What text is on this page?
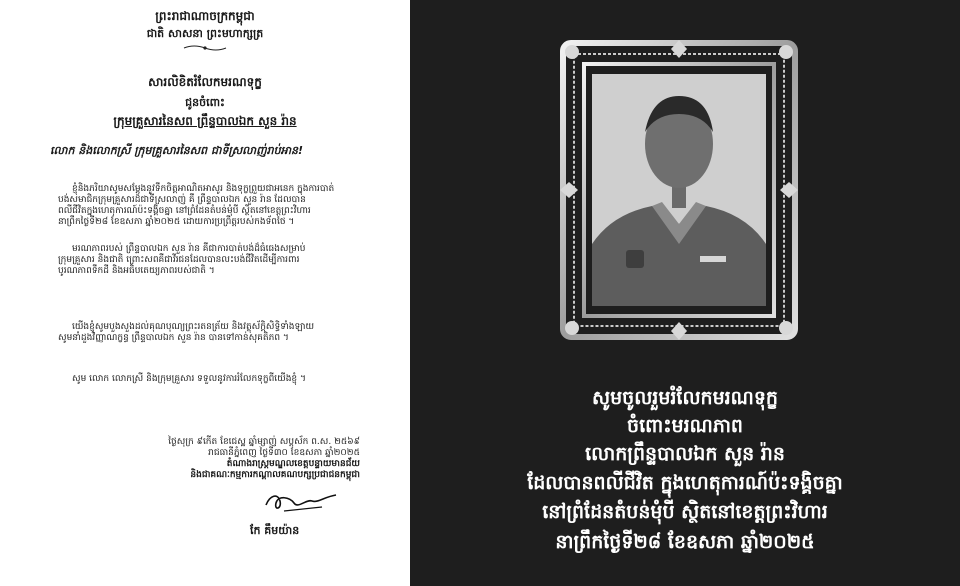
ព្រះរាជាណាចក្រកម្ពុជា
ជាតិ សាសនា ព្រះមហាក្សត្រ
សារលិខិតរំលែកមរណទុក្ខ
ជូនចំពោះ
ក្រុមគ្រួសារនៃសព ព្រឹន្ទបាលឯក សួន រ៉ាន
លោក និងលោកស្រី ក្រុមគ្រួសារនៃសព ជាទីស្រលាញ់រាប់អាន!
ខ្ញុំនិងភរិយាសូមសម្តែងនូវទឹកចិត្តអាណិតអាសូរ និងទុក្ខព្រួយជាអនេក ក្នុងការបាត់
បង់សមាជិកក្រុមគ្រួសារដ៏ជាទីស្រលាញ់ គឺ ព្រឹន្ទបាលឯក សួន រ៉ាន ដែលបាន
ពលីជីវិតក្នុងហេតុការណ៍ប៉ះទង្គិចគ្នា នៅព្រំដែនតំបន់មុំបី ស្ថិតនៅខេត្តព្រះវិហារ
នាព្រឹកថ្ងៃទី២៨ ខែឧសភា ឆ្នាំ២០២៥ ដោយការប្រព្រឹត្តរបស់កងទ័ពថៃ ។
មរណភាពរបស់ ព្រឹន្ទបាលឯក សួន រ៉ាន គឺជាការបាត់បង់ដ៏ធំធេងសម្រាប់
ក្រុមគ្រួសារ និងជាតិ ព្រោះសពគឺជាវីរជនដែលបានលះបង់ជីវិតដើម្បីការពារ
បូរណភាពទឹកដី និងអធិបតេយ្យភាពរបស់ជាតិ ។
យើងខ្ញុំសូមបួងសួងដល់គុណបុណ្យព្រះរតនត្រ័យ និងវត្ថុស័ក្តិសិទ្ធិទាំងឡាយ
សូមនាំដួងវិញ្ញាណក្ខន្ធ ព្រឹន្ទបាលឯក សួន រ៉ាន បានទៅកាន់សុគតិភព ។
សូម លោក លោកស្រី និងក្រុមគ្រួសារ ទទួលនូវការរំលែកទុក្ខពីយើងខ្ញុំ ។
ថ្ងៃសុក្រ ៩កើត ខែជេស្ឋ ឆ្នាំម្សាញ់ សប្តស័ក ព.ស. ២៥៦៩
រាជធានីភ្នំពេញ ថ្ងៃទី៣០ ខែឧសភា ឆ្នាំ២០២៥
តំណាងរាស្ត្រមណ្ឌលខេត្តបន្ទាយមានជ័យ
និងជាគណៈកម្មការកណ្តាលគណបក្សប្រជាជនកម្ពុជា
កែ គឹមយ៉ាន
សូមចូលរួមរំលែកមរណទុក្ខ
ចំពោះមរណភាព
លោកព្រឹន្ទបាលឯក សួន រ៉ាន
ដែលបានពលីជីវិត ក្នុងហេតុការណ៍ប៉ះទង្គិចគ្នា
នៅព្រំដែនតំបន់មុំបី ស្ថិតនៅខេត្តព្រះវិហារ
នាព្រឹកថ្ងៃទី២៨ ខែឧសភា ឆ្នាំ២០២៥
